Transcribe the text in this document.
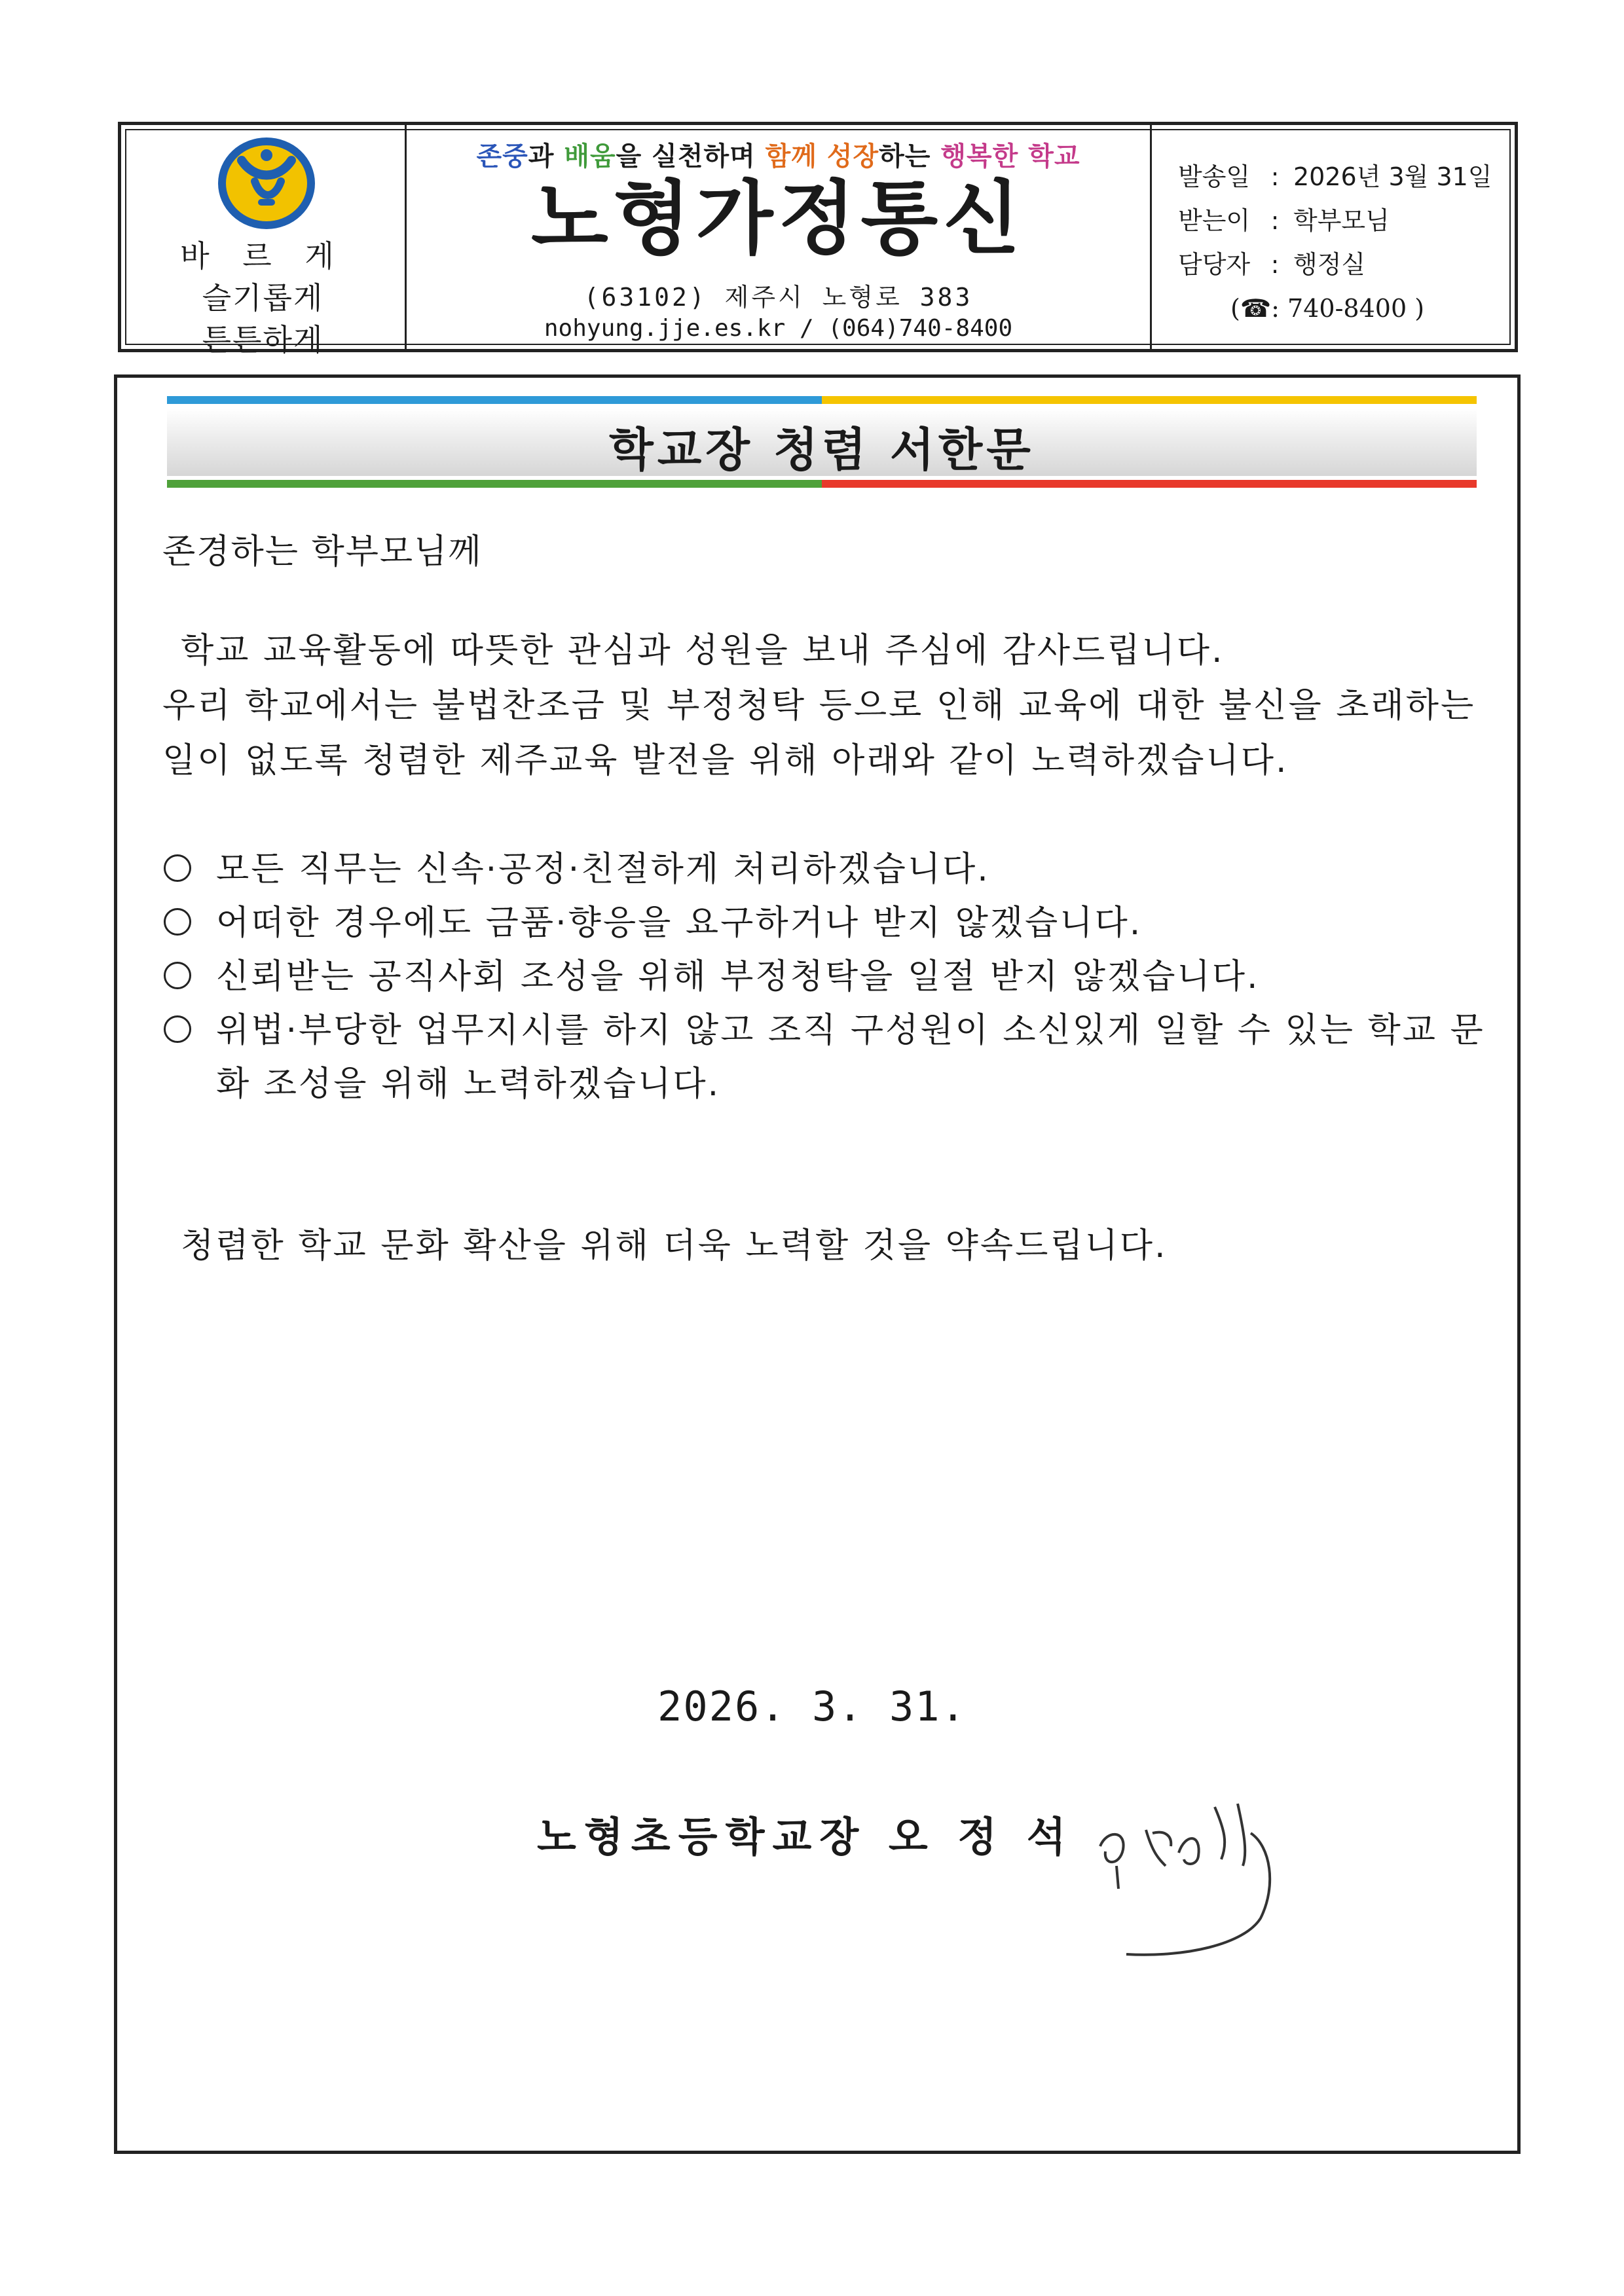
바 르 게
슬기롭게
튼튼하게
존중과 배움을 실천하며 함께 성장하는 행복한 학교
노형가정통신
(63102) 제주시 노형로 383
nohyung.jje.es.kr / (064)740-8400
발송일 : 2026년 3월 31일
받는이 : 학부모님
담당자 : 행정실
(☎: 740-8400 )
학교장 청렴 서한문
존경하는 학부모님께
학교 교육활동에 따뜻한 관심과 성원을 보내 주심에 감사드립니다.
우리 학교에서는 불법찬조금 및 부정청탁 등으로 인해 교육에 대한 불신을 초래하는
일이 없도록 청렴한 제주교육 발전을 위해 아래와 같이 노력하겠습니다.
모든 직무는 신속·공정·친절하게 처리하겠습니다.
어떠한 경우에도 금품·향응을 요구하거나 받지 않겠습니다.
신뢰받는 공직사회 조성을 위해 부정청탁을 일절 받지 않겠습니다.
위법·부당한 업무지시를 하지 않고 조직 구성원이 소신있게 일할 수 있는 학교 문화 조성을 위해 노력하겠습니다.
청렴한 학교 문화 확산을 위해 더욱 노력할 것을 약속드립니다.
2026. 3. 31.
노형초등학교장 오 정 석
